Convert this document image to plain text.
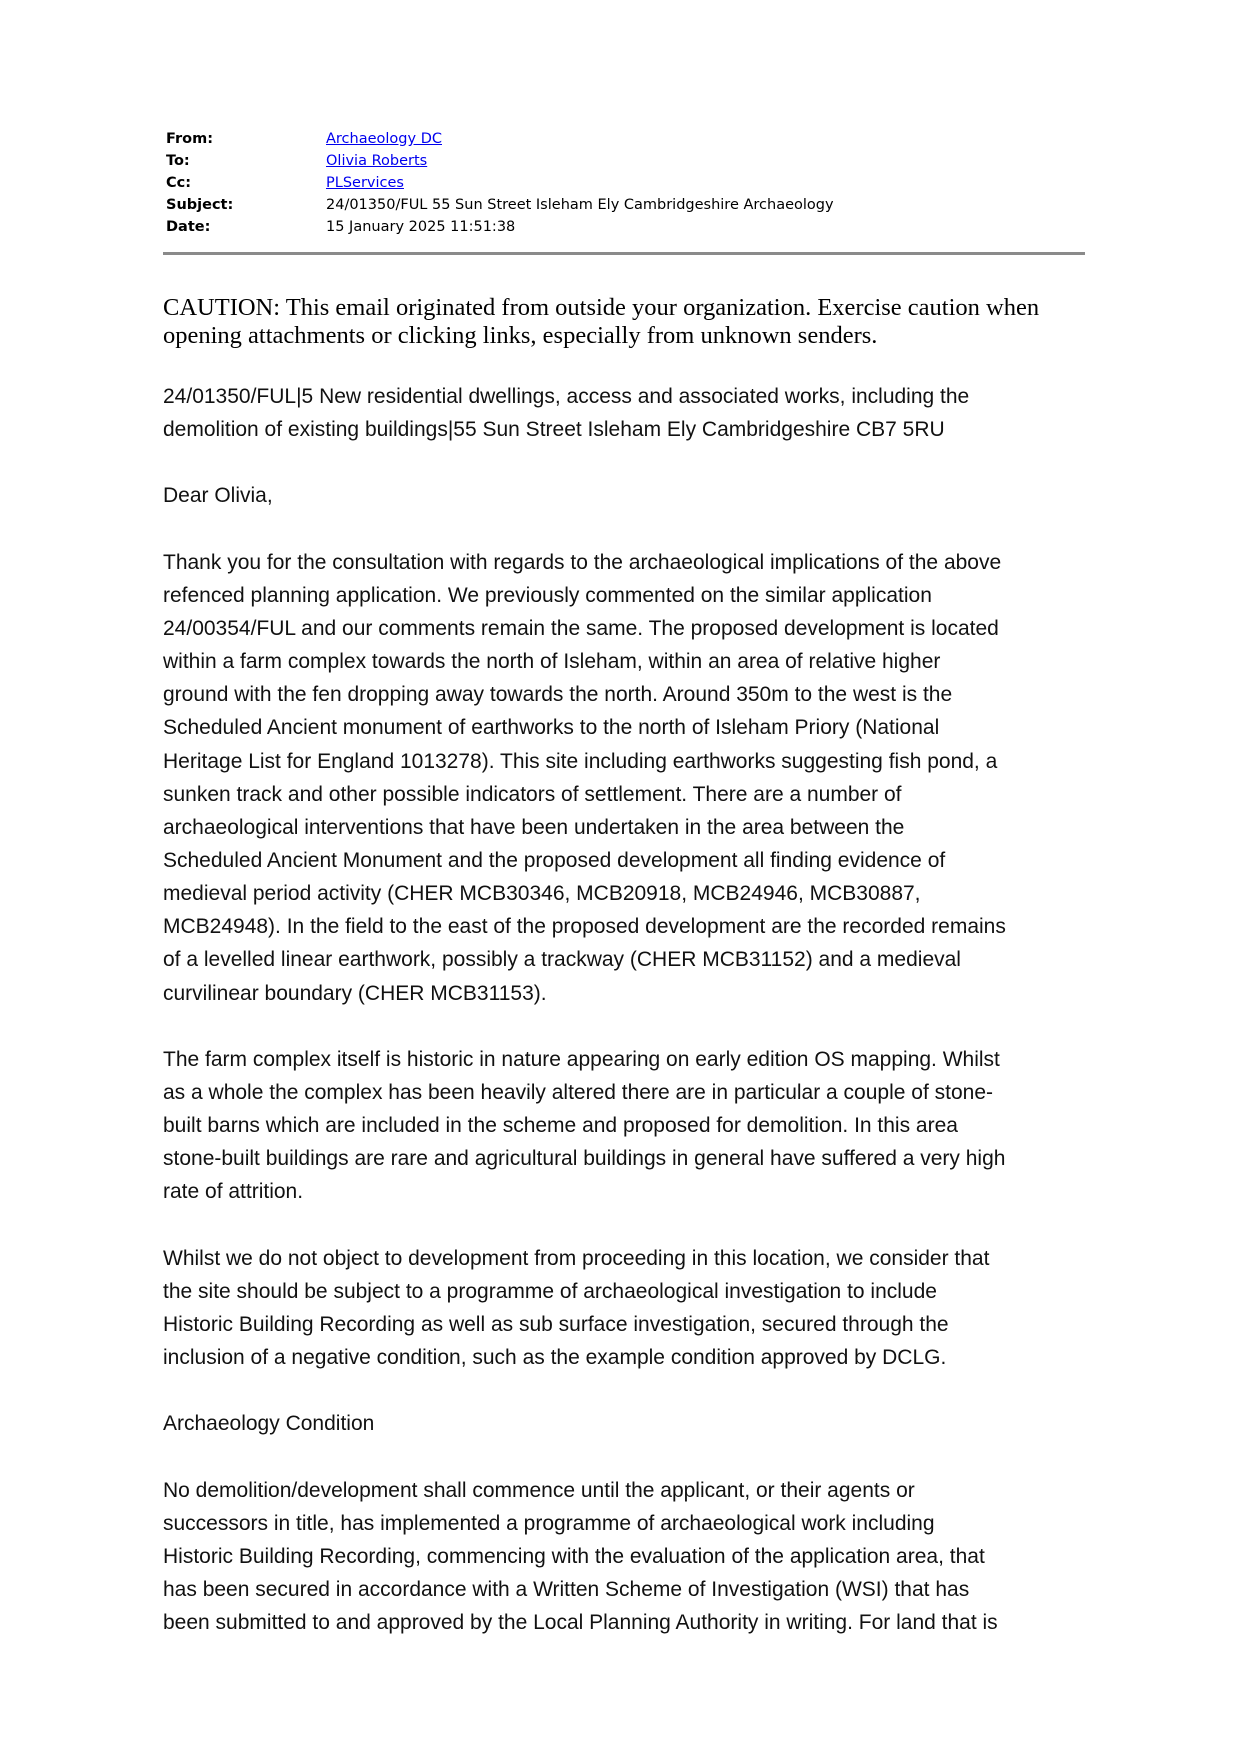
From:	Archaeology DC
To:	Olivia Roberts
Cc:	PLServices
Subject:	24/01350/FUL 55 Sun Street Isleham Ely Cambridgeshire Archaeology
Date:	15 January 2025 11:51:38
CAUTION: This email originated from outside your organization. Exercise caution when
opening attachments or clicking links, especially from unknown senders.
24/01350/FUL|5 New residential dwellings, access and associated works, including the
demolition of existing buildings|55 Sun Street Isleham Ely Cambridgeshire CB7 5RU
Dear Olivia,
Thank you for the consultation with regards to the archaeological implications of the above
refenced planning application. We previously commented on the similar application
24/00354/FUL and our comments remain the same. The proposed development is located
within a farm complex towards the north of Isleham, within an area of relative higher
ground with the fen dropping away towards the north. Around 350m to the west is the
Scheduled Ancient monument of earthworks to the north of Isleham Priory (National
Heritage List for England 1013278). This site including earthworks suggesting fish pond, a
sunken track and other possible indicators of settlement. There are a number of
archaeological interventions that have been undertaken in the area between the
Scheduled Ancient Monument and the proposed development all finding evidence of
medieval period activity (CHER MCB30346, MCB20918, MCB24946, MCB30887,
MCB24948). In the field to the east of the proposed development are the recorded remains
of a levelled linear earthwork, possibly a trackway (CHER MCB31152) and a medieval
curvilinear boundary (CHER MCB31153).
The farm complex itself is historic in nature appearing on early edition OS mapping. Whilst
as a whole the complex has been heavily altered there are in particular a couple of stone-
built barns which are included in the scheme and proposed for demolition. In this area
stone-built buildings are rare and agricultural buildings in general have suffered a very high
rate of attrition.
Whilst we do not object to development from proceeding in this location, we consider that
the site should be subject to a programme of archaeological investigation to include
Historic Building Recording as well as sub surface investigation, secured through the
inclusion of a negative condition, such as the example condition approved by DCLG.
Archaeology Condition
No demolition/development shall commence until the applicant, or their agents or
successors in title, has implemented a programme of archaeological work including
Historic Building Recording, commencing with the evaluation of the application area, that
has been secured in accordance with a Written Scheme of Investigation (WSI) that has
been submitted to and approved by the Local Planning Authority in writing. For land that is
